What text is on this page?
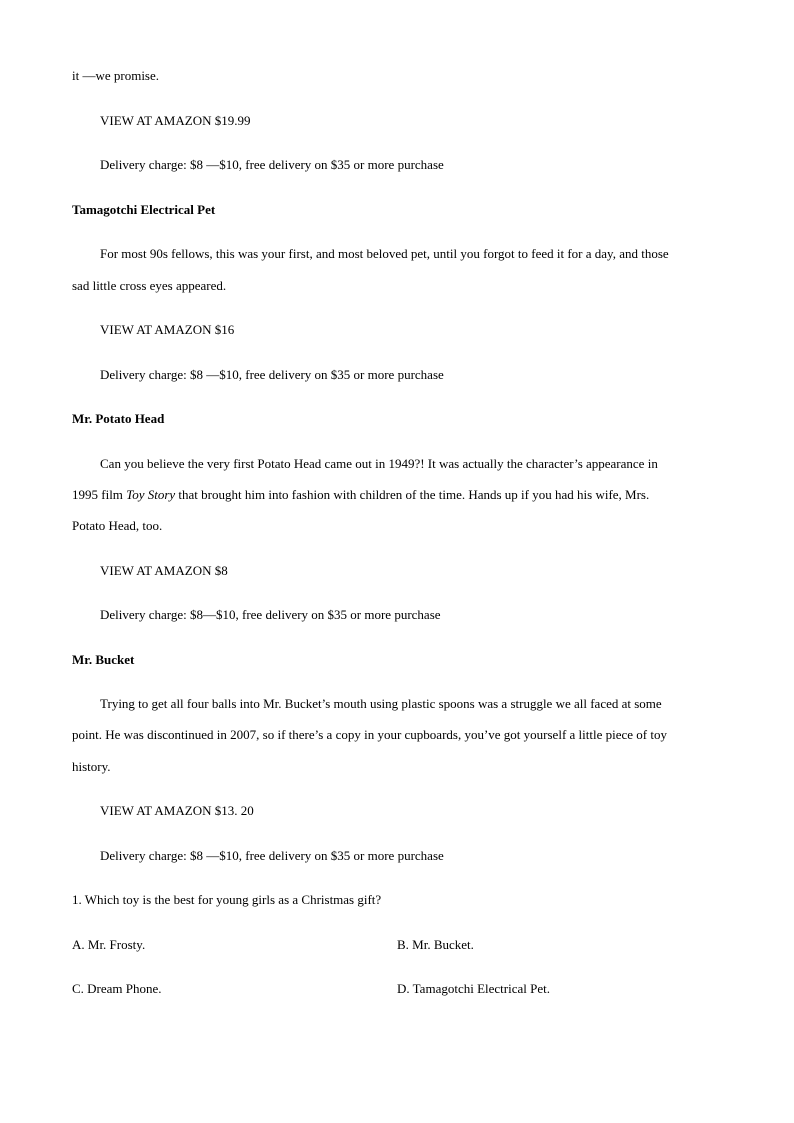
it —we promise.
VIEW AT AMAZON $19.99
Delivery charge: $8 —$10, free delivery on $35 or more purchase
Tamagotchi Electrical Pet
For most 90s fellows, this was your first, and most beloved pet, until you forgot to feed it for a day, and those
sad little cross eyes appeared.
VIEW AT AMAZON $16
Delivery charge: $8 —$10, free delivery on $35 or more purchase
Mr. Potato Head
Can you believe the very first Potato Head came out in 1949?! It was actually the character’s appearance in
1995 film Toy Story that brought him into fashion with children of the time. Hands up if you had his wife, Mrs.
Potato Head, too.
VIEW AT AMAZON $8
Delivery charge: $8—$10, free delivery on $35 or more purchase
Mr. Bucket
Trying to get all four balls into Mr. Bucket’s mouth using plastic spoons was a struggle we all faced at some
point. He was discontinued in 2007, so if there’s a copy in your cupboards, you’ve got yourself a little piece of toy
history.
VIEW AT AMAZON $13. 20
Delivery charge: $8 —$10, free delivery on $35 or more purchase
1. Which toy is the best for young girls as a Christmas gift?
A. Mr. Frosty.	B. Mr. Bucket.
C. Dream Phone.	D. Tamagotchi Electrical Pet.
